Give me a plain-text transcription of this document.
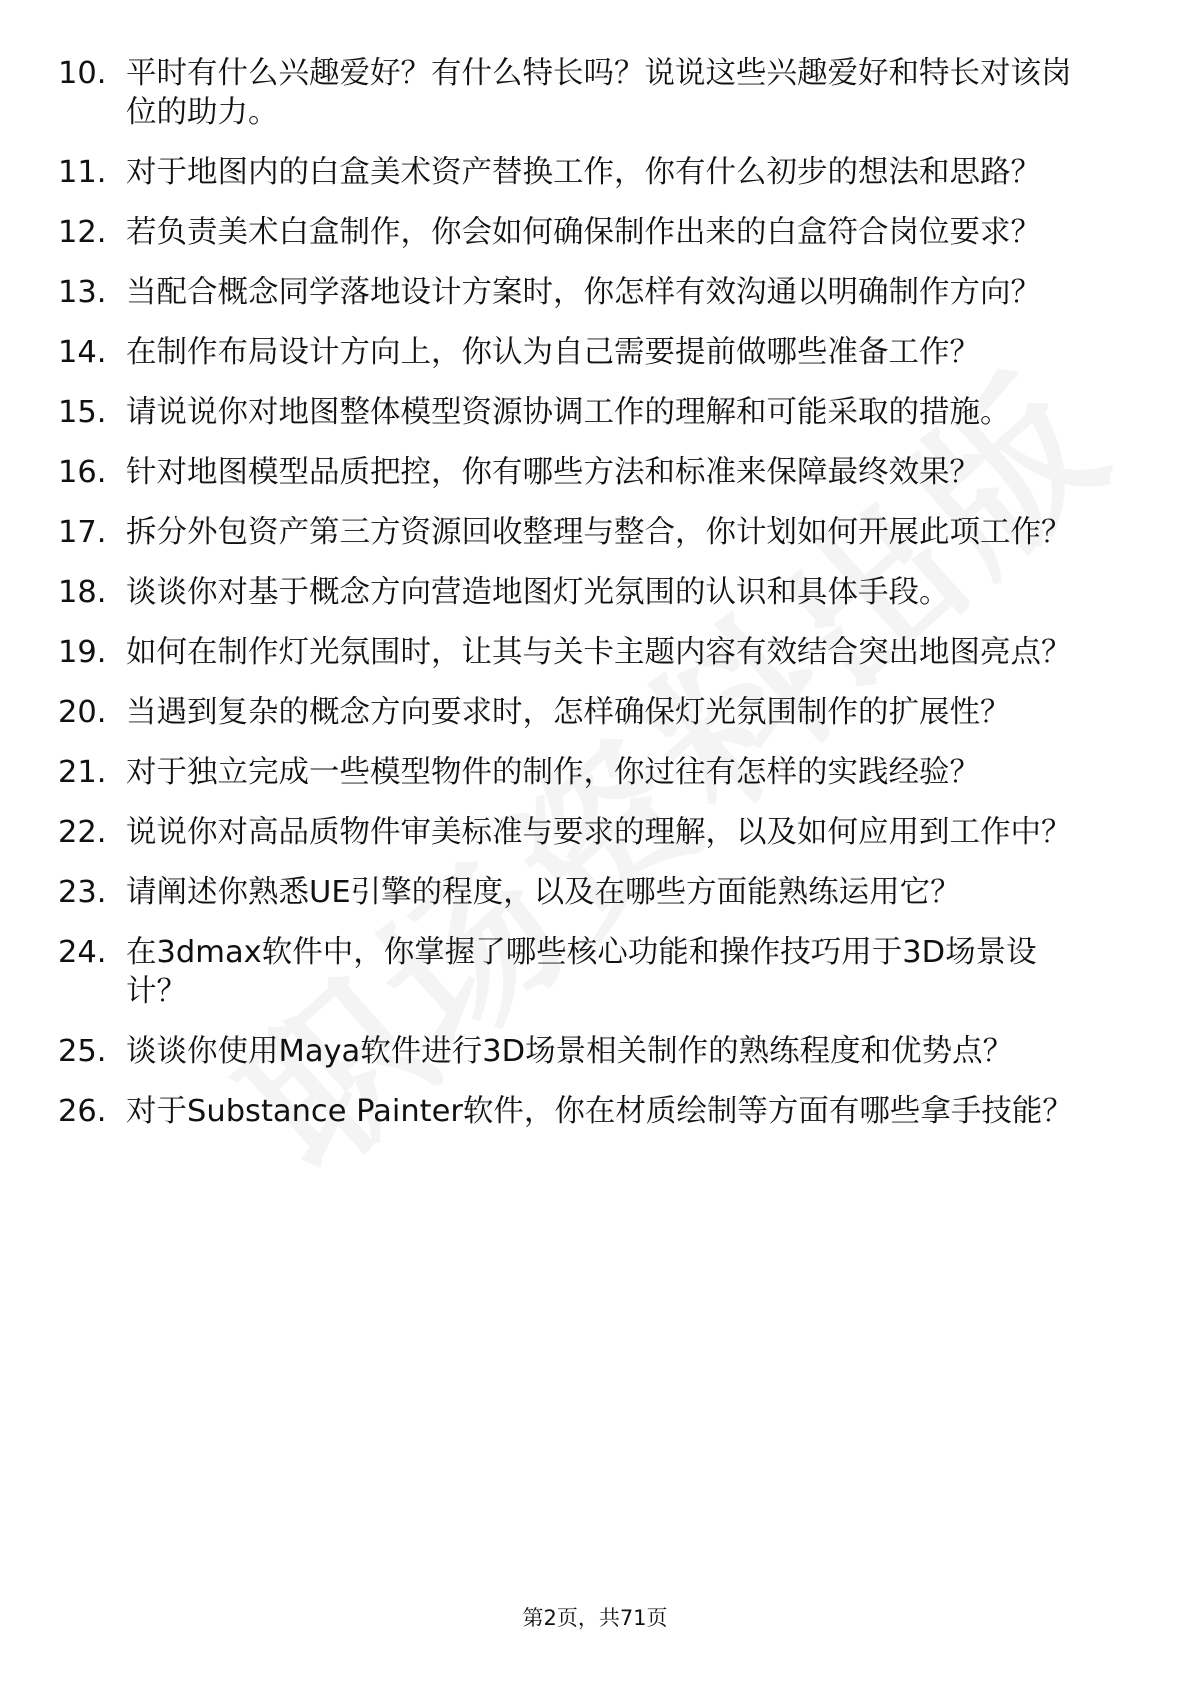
10. 平时有什么兴趣爱好？有什么特长吗？说说这些兴趣爱好和特长对该岗位的助力。
11. 对于地图内的白盒美术资产替换工作，你有什么初步的想法和思路？
12. 若负责美术白盒制作，你会如何确保制作出来的白盒符合岗位要求？
13. 当配合概念同学落地设计方案时，你怎样有效沟通以明确制作方向？
14. 在制作布局设计方向上，你认为自己需要提前做哪些准备工作？
15. 请说说你对地图整体模型资源协调工作的理解和可能采取的措施。
16. 针对地图模型品质把控，你有哪些方法和标准来保障最终效果？
17. 拆分外包资产第三方资源回收整理与整合，你计划如何开展此项工作？
18. 谈谈你对基于概念方向营造地图灯光氛围的认识和具体手段。
19. 如何在制作灯光氛围时，让其与关卡主题内容有效结合突出地图亮点？
20. 当遇到复杂的概念方向要求时，怎样确保灯光氛围制作的扩展性？
21. 对于独立完成一些模型物件的制作，你过往有怎样的实践经验？
22. 说说你对高品质物件审美标准与要求的理解，以及如何应用到工作中？
23. 请阐述你熟悉UE引擎的程度，以及在哪些方面能熟练运用它？
24. 在3dmax软件中，你掌握了哪些核心功能和操作技巧用于3D场景设计？
25. 谈谈你使用Maya软件进行3D场景相关制作的熟练程度和优势点？
26. 对于Substance Painter软件，你在材质绘制等方面有哪些拿手技能？
第2页，共71页
